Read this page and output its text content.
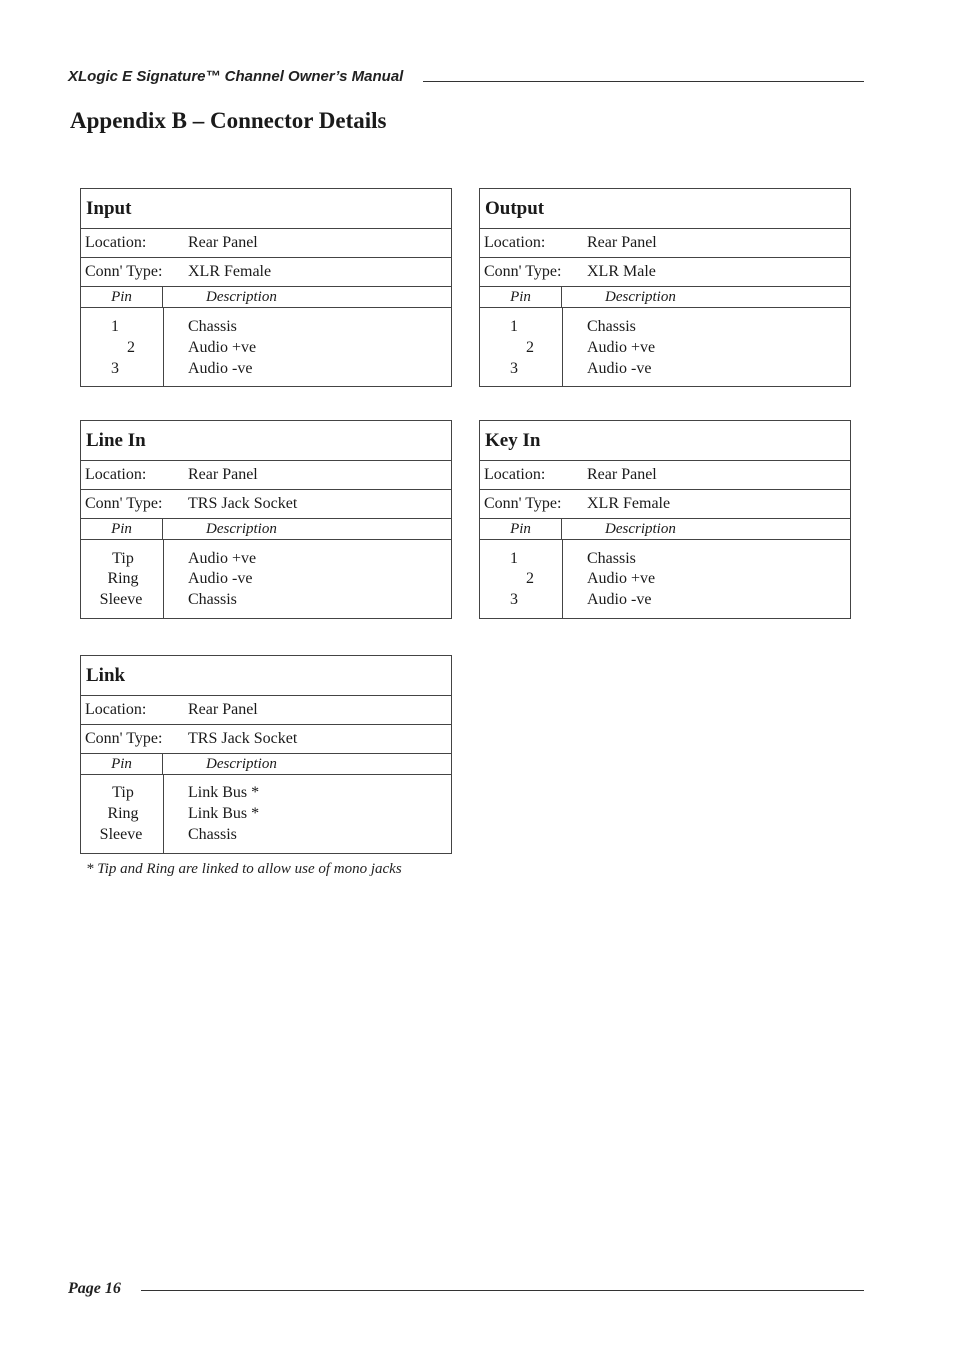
XLogic E Signature™ Channel Owner’s Manual
Appendix B – Connector Details
Input
Location:	Rear Panel
Conn' Type: XLR Female
Pin	Description
1	Chassis
2	Audio +ve
3	Audio -ve
Output
Location:	Rear Panel
Conn' Type: XLR Male
Pin	Description
1	Chassis
2	Audio +ve
3	Audio -ve
Line In
Location:	Rear Panel
Conn' Type: TRS Jack Socket
Pin	Description
Tip	Audio +ve
Ring	Audio -ve
Sleeve	Chassis
Key In
Location:	Rear Panel
Conn' Type: XLR Female
Pin	Description
1	Chassis
2	Audio +ve
3	Audio -ve
Link
Location:	Rear Panel
Conn' Type: TRS Jack Socket
Pin	Description
Tip	Link Bus *
Ring	Link Bus *
Sleeve	Chassis
* Tip and Ring are linked to allow use of mono jacks
Page 16
